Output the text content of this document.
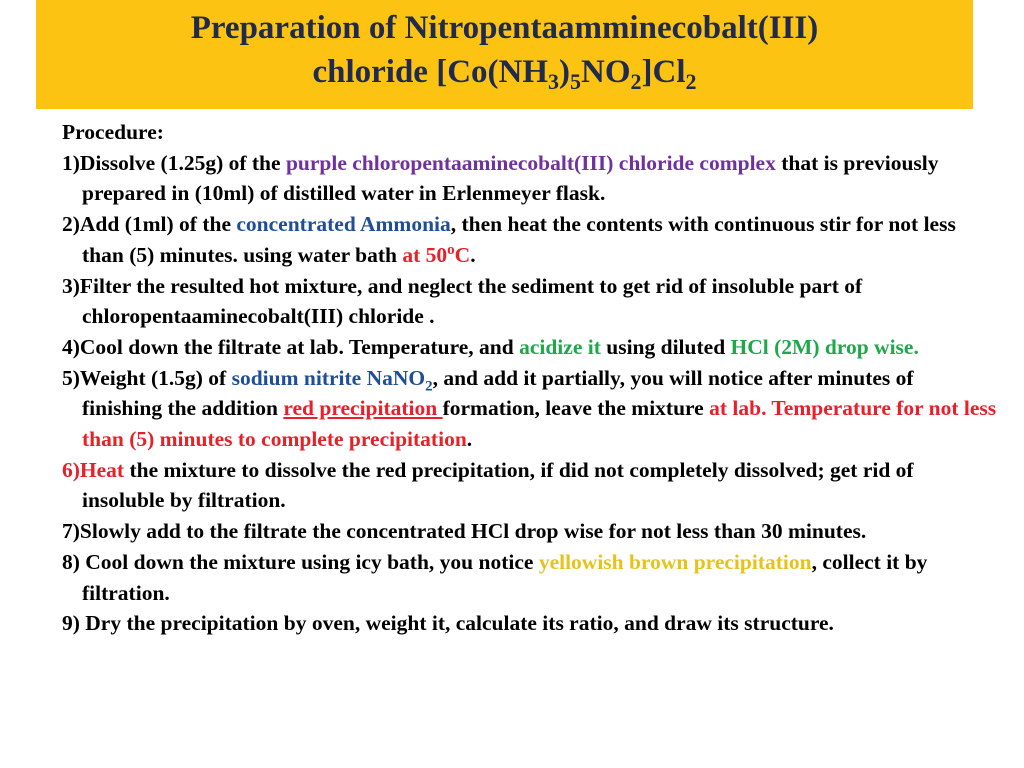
Preparation of Nitropentaamminecobalt(III)
chloride $[Co(NH_3)_5NO_2]Cl_2$

Procedure:

1)Dissolve (1.25g) of the purple chloropentaaminecobalt(III) chloride complex that is previously prepared in (10ml) of distilled water in Erlenmeyer flask.

2)Add (1ml) of the concentrated Ammonia, then heat the contents with continuous stir for not less than (5) minutes. using water bath at 50$^o$C.

3)Filter the resulted hot mixture, and neglect the sediment to get rid of insoluble part of chloropentaaminecobalt(III) chloride .

4)Cool down the filtrate at lab. Temperature, and acidize it using diluted HCl (2M) drop wise.

5)Weight (1.5g) of sodium nitrite NaNO$_2$, and add it partially, you will notice after minutes of finishing the addition red precipitation formation, leave the mixture at lab. Temperature for not less than (5) minutes to complete precipitation.

6)Heat the mixture to dissolve the red precipitation, if did not completely dissolved; get rid of insoluble by filtration.

7)Slowly add to the filtrate the concentrated HCl drop wise for not less than 30 minutes.

8) Cool down the mixture using icy bath, you notice yellowish brown precipitation, collect it by filtration.

9) Dry the precipitation by oven, weight it, calculate its ratio, and draw its structure.
